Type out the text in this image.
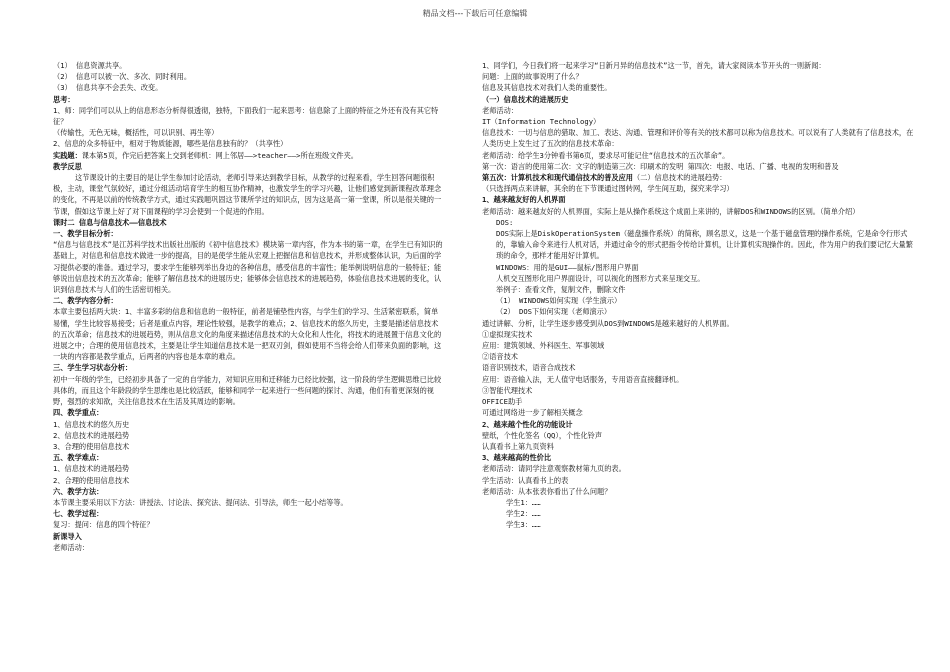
精品文档---下载后可任意编辑

（1） 信息资源共享。

（2） 信息可以被一次、多次、同时利用。

（3） 信息共享不会丢失、改变。

思考：

1、师：同学们可以从上的信息形态分析得很透彻，独特，下面我们一起来思考：信息除了上面的特征之外还有没有其它特征？

（传输性，无色无味，概括性，可以识别、再生等）

2、信息的众多特征中，相对于物质能源，哪些是信息独有的？（共享性）

实践题：课本第5页，作完后把答案上交到老师机：网上邻居——>teacher——>所在班级文件夹。

教学反思

这节课设计的主要目的是让学生参加讨论活动，老师引导来达到教学目标，从教学的过程来看，学生回答问题很积极，主动，课堂气氛较好，通过分组活动培育学生的相互协作精神，也激发学生的学习兴趣，让他们感觉到新课程改革理念的变化，不再是以前的传统教学方式，通过实践题巩固这节课所学过的知识点，因为这是高一第一堂课，所以是很关键的一节课，假如这节课上好了对下面课程的学习会使到一个促进的作用。

课时二 信息与信息技术——信息技术

一、教学目标分析：

“信息与信息技术”是江苏科学技术出版社出版的《初中信息技术》模块第一章内容，作为本书的第一章，在学生已有知识的基础上，对信息和信息技术做进一步的提高，目的是使学生能从宏观上把握信息和信息技术，并形成整体认识，为后面的学习提供必要的准备。通过学习，要求学生能够列举出身边的各种信息，感受信息的丰富性；能举例说明信息的一般特征；能够说出信息技术的五次革命；能够了解信息技术的进展历史；能够体会信息技术的进展趋势，体验信息技术进展的变化，认识到信息技术与人们的生活密切相关。

二、教学内容分析：

本章主要包括两大块：1、丰富多彩的信息和信息的一般特征，前者是铺垫性内容，与学生们的学习、生活紧密联系，简单易懂，学生比较容易接受；后者是重点内容，理论性较强，是教学的难点；2、信息技术的悠久历史，主要是描述信息技术的五次革命；信息技术的进展趋势，则从信息文化的角度来描述信息技术的大众化和人性化，将技术的进展置于信息文化的进展之中；合理的使用信息技术，主要是让学生知道信息技术是一把双刃剑，假如使用不当将会给人们带来负面的影响，这一块的内容都是教学重点，后两者的内容也是本章的难点。

三、学生学习状态分析：

初中一年级的学生，已经初步具备了一定的自学能力，对知识应用和迁移能力已经比较强，这一阶段的学生逻辑思维已比较具体的，而且这个年龄段的学生思维也是比较活跃，能够和同学一起来进行一些问题的探讨、沟通，他们有着更深刻的视野，强烈的求知欲，关注信息技术在生活及其周边的影响。

四、教学重点：

1、信息技术的悠久历史

2、信息技术的进展趋势

3、合理的使用信息技术

五、教学难点：

1、信息技术的进展趋势

2、合理的使用信息技术

六、教学方法：

本节课主要采用以下方法：讲授法、讨论法、探究法、提问法、引导法，师生一起小结等等。

七、教学过程：

复习：提问：信息的四个特征？

新课导入

老师活动：

1、同学们，今日我们将一起来学习“日新月异的信息技术”这一节，首先，请大家阅读本节开头的一则新闻：

问题：上面的故事说明了什么？

信息及其信息技术对我们人类的重要性。

（一）信息技术的进展历史

老师活动：

IT（Information Technology）

信息技术：一切与信息的猎取、加工、表达、沟通、管理和评价等有关的技术都可以称为信息技术。可以说有了人类就有了信息技术，在人类历史上发生过了五次的信息技术革命：

老师活动：给学生3分钟看书第6页，要求尽可能记住“信息技术的五次革命”。

第一次：语言的使用第二次：文字的制造第三次：印刷术的发明 第四次：电报、电话、广播、电视的发明和普及

第五次：计算机技术和现代通信技术的普及应用（二）信息技术的进展趋势：

（只选择两点来讲解，其余的在下节课通过图转网，学生间互助，探究来学习）

1、越来越友好的人机界面

老师活动：越来越友好的人机界面，实际上是从操作系统这个成面上来讲的，讲解DOS和WINDOWS的区别。（简单介绍）

DOS:

DOS实际上是DiskOperationSystem（磁盘操作系统）的简称，顾名思义，这是一个基于磁盘管理的操作系统，它是命令行形式的，靠输入命令来进行人机对话，并通过命令的形式把指令传给计算机，让计算机实现操作的。因此，作为用户的我们要记忆大量繁琐的命令，那样才能用好计算机。

WINDOWS：用的是GUI——鼠标/图形用户界面

人机交互图形化用户界面设计，可以视化的图形方式来呈现交互。

举例子：查看文件，复制文件，删除文件

（1） WINDOWS如何实现（学生演示）

（2） DOS下如何实现（老师演示）

通过讲解、分析，让学生逐步感受到从DOS到WINDOWS是越来越好的人机界面。

①虚拟现实技术

应用：建筑领域、外科医生、军事领域

②语音技术

语音识别技术，语音合成技术

应用：语音输入法，无人值守电话服务，专用语音直接翻译机。

③智能代理技术

OFFICE助手

可通过网络进一步了解相关概念

2、越来越个性化的功能设计

壁纸，个性化签名（QQ），个性化铃声

认真看书上第九页资料

3、越来越高的性价比

老师活动：请同学注意观察教材第九页的表。

学生活动：认真看书上的表

老师活动：从本张表你看出了什么问题？

学生1：……

学生2：……

学生3：……
